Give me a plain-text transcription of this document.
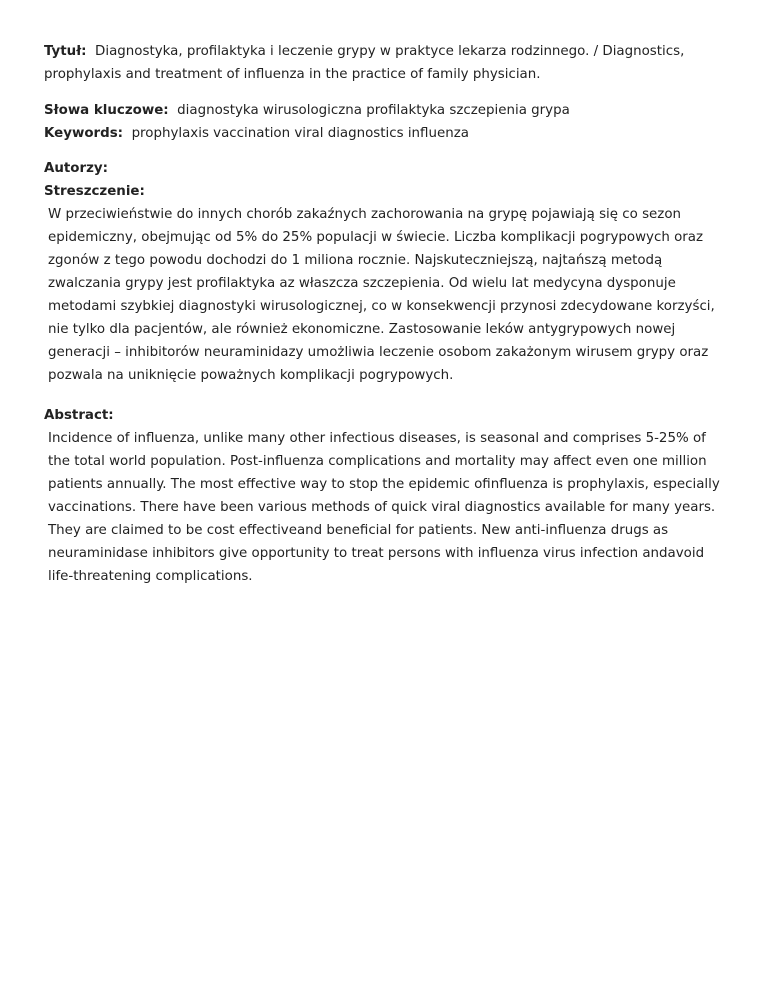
Tytuł: Diagnostyka, profilaktyka i leczenie grypy w praktyce lekarza rodzinnego. / Diagnostics, prophylaxis and treatment of influenza in the practice of family physician.

Słowa kluczowe: diagnostyka wirusologiczna profilaktyka szczepienia grypa

Keywords: prophylaxis vaccination viral diagnostics influenza

Autorzy:

Streszczenie:

W przeciwieństwie do innych chorób zakaźnych zachorowania na grypę pojawiają się co sezon epidemiczny, obejmując od 5% do 25% populacji w świecie. Liczba komplikacji pogrypowych oraz zgonów z tego powodu dochodzi do 1 miliona rocznie. Najskuteczniejszą, najtańszą metodą zwalczania grypy jest profilaktyka az właszcza szczepienia. Od wielu lat medycyna dysponuje metodami szybkiej diagnostyki wirusologicznej, co w konsekwencji przynosi zdecydowane korzyści, nie tylko dla pacjentów, ale również ekonomiczne. Zastosowanie leków antygrypowych nowej generacji – inhibitorów neuraminidazy umożliwia leczenie osobom zakażonym wirusem grypy oraz pozwala na uniknięcie poważnych komplikacji pogrypowych.

Abstract:

Incidence of influenza, unlike many other infectious diseases, is seasonal and comprises 5-25% of the total world population. Post-influenza complications and mortality may affect even one million patients annually. The most effective way to stop the epidemic ofinfluenza is prophylaxis, especially vaccinations. There have been various methods of quick viral diagnostics available for many years. They are claimed to be cost effectiveand beneficial for patients. New anti-influenza drugs as neuraminidase inhibitors give opportunity to treat persons with influenza virus infection andavoid life-threatening complications.
